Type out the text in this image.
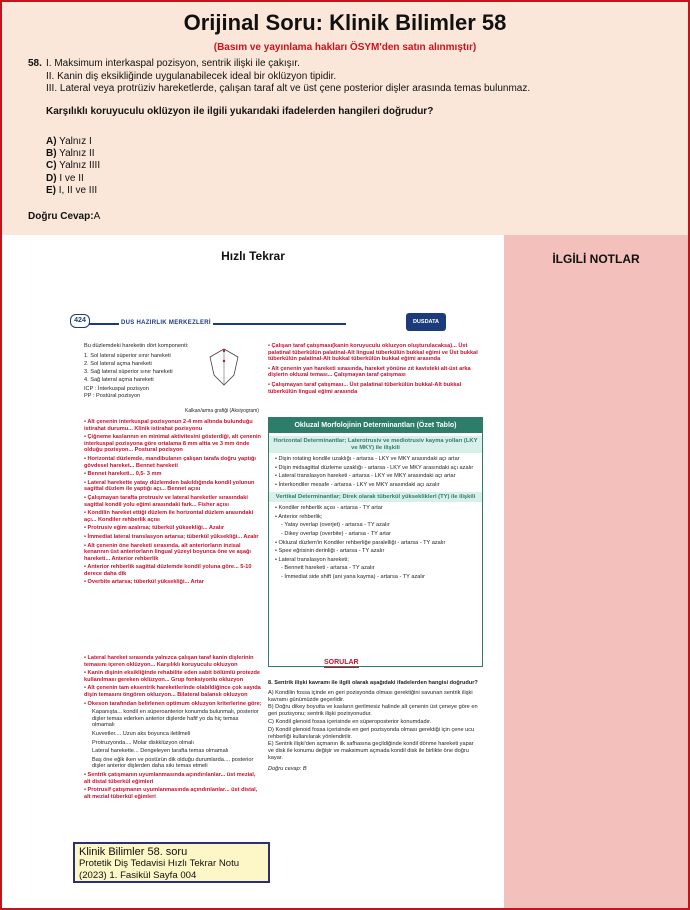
Orijinal Soru: Klinik Bilimler 58
(Basım ve yayınlama hakları ÖSYM'den satın alınmıştır)
58. I. Maksimum interkaspal pozisyon, sentrik ilişki ile çakışır.
II. Kanin diş eksikliğinde uygulanabilecek ideal bir oklüzyon tipidir.
III. Lateral veya protrüziv hareketlerde, çalışan taraf alt ve üst çene posterior dişler arasında temas bulunmaz.
Karşılıklı koruyuculu oklüzyon ile ilgili yukarıdaki ifadelerden hangileri doğrudur?
A) Yalnız I
B) Yalnız II
C) Yalnız IIII
D) I ve II
E) I, II ve III
Doğru Cevap:A
Hızlı Tekrar
424	DUS HAZIRLIK MERKEZLERİ	DUSDATA
Bu düzlemdeki hareketin dört komponenti:
1. Sol lateral süperior sınır hareketi
2. Sol lateral açma hareketi
3. Sağ lateral süperior sınır hareketi
4. Sağ lateral açma hareketi
ICP : İnterkuspal pozisyon
PP : Postüral pozisyon
Kalkan/arma grafiği (Aksiyogram)
• Alt çenenin interkuspal pozisyonun 2-4 mm altında bulunduğu istirahat durumu... Klinik istirahat pozisyonu
• Çiğneme kaslarının en minimal aktivitesini gösterdiği, alt çenenin interkuspal pozisyona göre ortalama 8 mm altta ve 3 mm önde olduğu pozisyon... Postural pozisyon
• Horizontal düzlemde, mandibulanın çalışan tarafa doğru yaptığı gövdesel hareket... Bennet hareketi
• Bennet hareketi... 0,5- 3 mm
• Lateral harekette yatay düzlemden bakıldığında kondil yolunun sagittal düzlem ile yaptığı açı... Bennet açısı
• Çalışmayan tarafta protrusiv ve lateral hareketler sırasındaki sagittal kondil yolu eğimi arasındaki fark... Fisher açısı
• Kondilin hareket ettiği düzlem ile horizontal düzlem arasındaki açı... Kondiler rehberlik açısı
• Protrusiv eğim azalırsa; tüberkül yüksekliği... Azalır
• İmmediat lateral translasyon artarsa; tüberkül yüksekliği... Azalır
• Alt çenenin öne hareketi sırasında, alt anteriorların inzisal kenarının üst anteriorların lingual yüzeyi boyunca öne ve aşağı hareketi... Anterior rehberlik
• Anterior rehberlik sagittal düzlemde kondil yoluna göre... 5-10 derece daha dik
• Overbite artarsa; tüberkül yüksekliği... Artar
• Lateral hareket sırasında yalnızca çalışan taraf kanin dişlerinin temasını içeren oklüzyon... Karşılıklı koruyuculu okluzyon
• Kanin dişinin eksikliğinde rehabilite eden sabit bölümlü protezde kullanılması gereken oklüzyon... Grup fonksiyonlu okluzyon
• Alt çenenin tam eksentrik hareketlerinde olabildiğince çok sayıda dişin temasını öngören okluzyon... Bilateral balanslı okluzyon
• Okeson tarafından belirlenen optimum okluzyon kriterlerine göre;
Kapanışta... kondil en süperoanterior konumda bulunmalı, posterior dişler temas ederken anterior dişlerde hafif yo da hiç temas olmamalı
Kuvvetler.... Uzun aks boyunca iletilmeli
Protruzyonda.... Molar diskklüzyon olmalı
Lateral harekette... Dengeleyen tarafta temas olmamalı
Baş öne eğik iken ve postürün dik olduğu durumlarda.... posterior dişler anterior dişlerden daha sıkı temas etmeli
• Sentrik çatışmanın uyumlanmasında açındırılanlar... üst mezial, alt distal tüberkül eğimleri
• Protrusif çatışmanın uyumlanmasında açındırılanlar... üst distal, alt mezial tüberkül eğimleri
• Çalışan taraf çatışması(kanin koruyuculu okluzyon oluşturulacaksa)... Üst palatinal tüberkülün palatinal-Alt lingual tüberkülün bukkal eğimi ve Üst bukkal tüberkülün palatinal-Alt bukkal tüberkülün bukkal eğimi arasında
• Alt çenenin yan hareketi sırasında, hareket yönüne zıt kavisteki alt-üst arka dişlerin okluzal teması... Çalışmayan taraf çatışması
• Çalışmayan taraf çatışması... Üst palatinal tüberkülün bukkal-Alt bukkal tüberkülün lingual eğimi arasında
Okluzal Morfolojinin Determinantları (Özet Tablo)
Horizontal Determinantlar; Laterotrusiv ve mediotrusiv kayma yolları (LKY ve MKY) ile ilişkili
• Dişin rotating kondile uzaklığı - artarsa - LKY ve MKY arasındaki açı artar
• Dişin midsagittal düzleme uzaklığı - artarsa - LKY ve MKY arasındaki açı azalır
• Lateral translasyon hareketi - artarsa - LKY ve MKY arasındaki açı artar
• İnterkondiler mesafe - artarsa - LKY ve MKY arasındaki açı azalır
Vertikal Determinantlar; Direk olarak tüberkül yüksekliklerl (TY) ile ilişkili
• Kondiler rehberlik açısı - artarsa - TY artar
• Anterior rehberlik;
- Yatay overlap (overjet) - artarsa - TY azalır
- Dikey overlap (overbite) - artarsa - TY artar
• Okluzal düzlem'in Kondiler rehberliğe paralelliği - artarsa - TY azalır
• Spee eğrisinin derinliği - artarsa - TY azalır
• Lateral translasyon hareketi;
- Bennett hareketi - artarsa - TY azalır
- İmmediat side shift (ani yana kayma) - artarsa - TY azalır
SORULAR
8. Sentrik ilişki kavramı ile ilgili olarak aşağıdaki ifadelerden hangisi doğrudur?
A) Kondilin fossa içinde en geri pozisyonda olması gerektiğini savunan sentrik ilişki kavramı günümüzde geçerlidir.
B) Doğru dikey boyutta ve kasların gerilmesiz halinde alt çenenin üst çeneye göre en geri pozisyonu; sentrik ilişki pozisyonudur.
C) Kondil glenoid fossa içerisinde en süperoposterior konumdadır.
D) Kondil glenoid fossa içerisinde en geri pozisyonda olması gerektiği için çene ucu rehberliği kullanılarak yönlendirilir.
E) Sentrik ilişki'den açmanın ilk safhasına geçildiğinde kondil dönme hareketi yapar ve disk ile konumu değişir ve maksimum açmada kondil disk ile birlikte öne doğru kayar.
Doğru cevap: B
Klinik Bilimler 58. soru
Protetik Diş Tedavisi Hızlı Tekrar Notu
(2023) 1. Fasikül Sayfa 004
İLGİLİ NOTLAR
